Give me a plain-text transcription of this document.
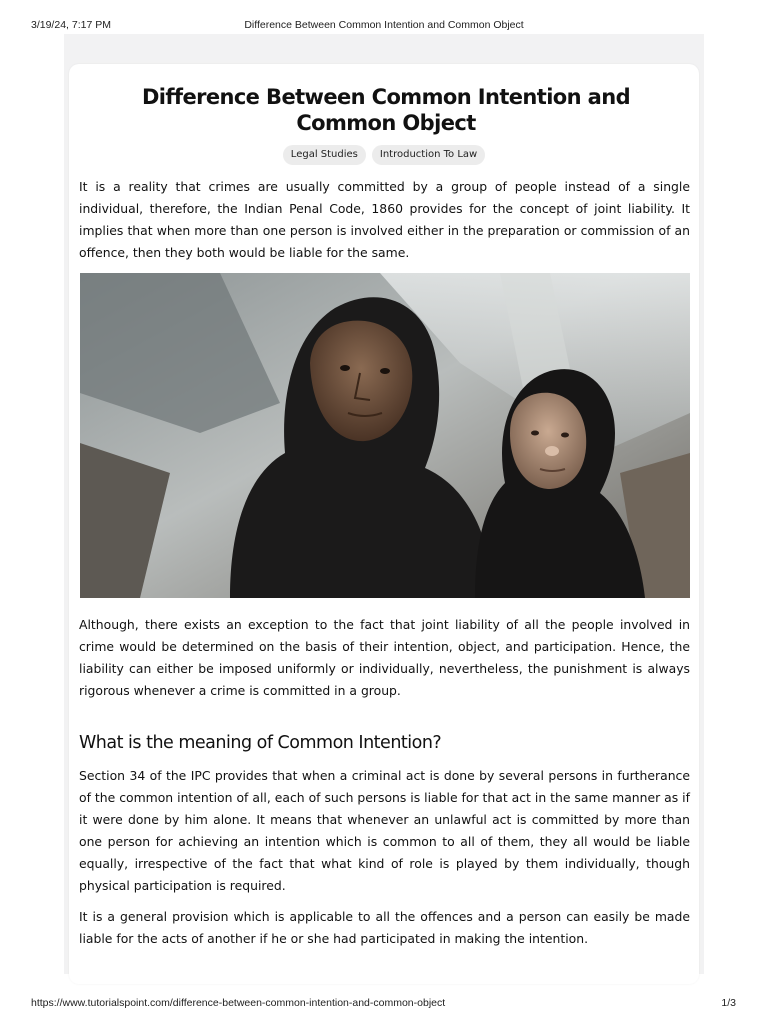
3/19/24, 7:17 PM	Difference Between Common Intention and Common Object
Difference Between Common Intention and Common Object
Legal Studies	Introduction To Law

It is a reality that crimes are usually committed by a group of people instead of a single individual, therefore, the Indian Penal Code, 1860 provides for the concept of joint liability. It implies that when more than one person is involved either in the preparation or commission of an offence, then they both would be liable for the same.

Although, there exists an exception to the fact that joint liability of all the people involved in crime would be determined on the basis of their intention, object, and participation. Hence, the liability can either be imposed uniformly or individually, nevertheless, the punishment is always rigorous whenever a crime is committed in a group.

What is the meaning of Common Intention?

Section 34 of the IPC provides that when a criminal act is done by several persons in furtherance of the common intention of all, each of such persons is liable for that act in the same manner as if it were done by him alone. It means that whenever an unlawful act is committed by more than one person for achieving an intention which is common to all of them, they all would be liable equally, irrespective of the fact that what kind of role is played by them individually, though physical participation is required.

It is a general provision which is applicable to all the offences and a person can easily be made liable for the acts of another if he or she had participated in making the intention.

https://www.tutorialspoint.com/difference-between-common-intention-and-common-object	1/3
